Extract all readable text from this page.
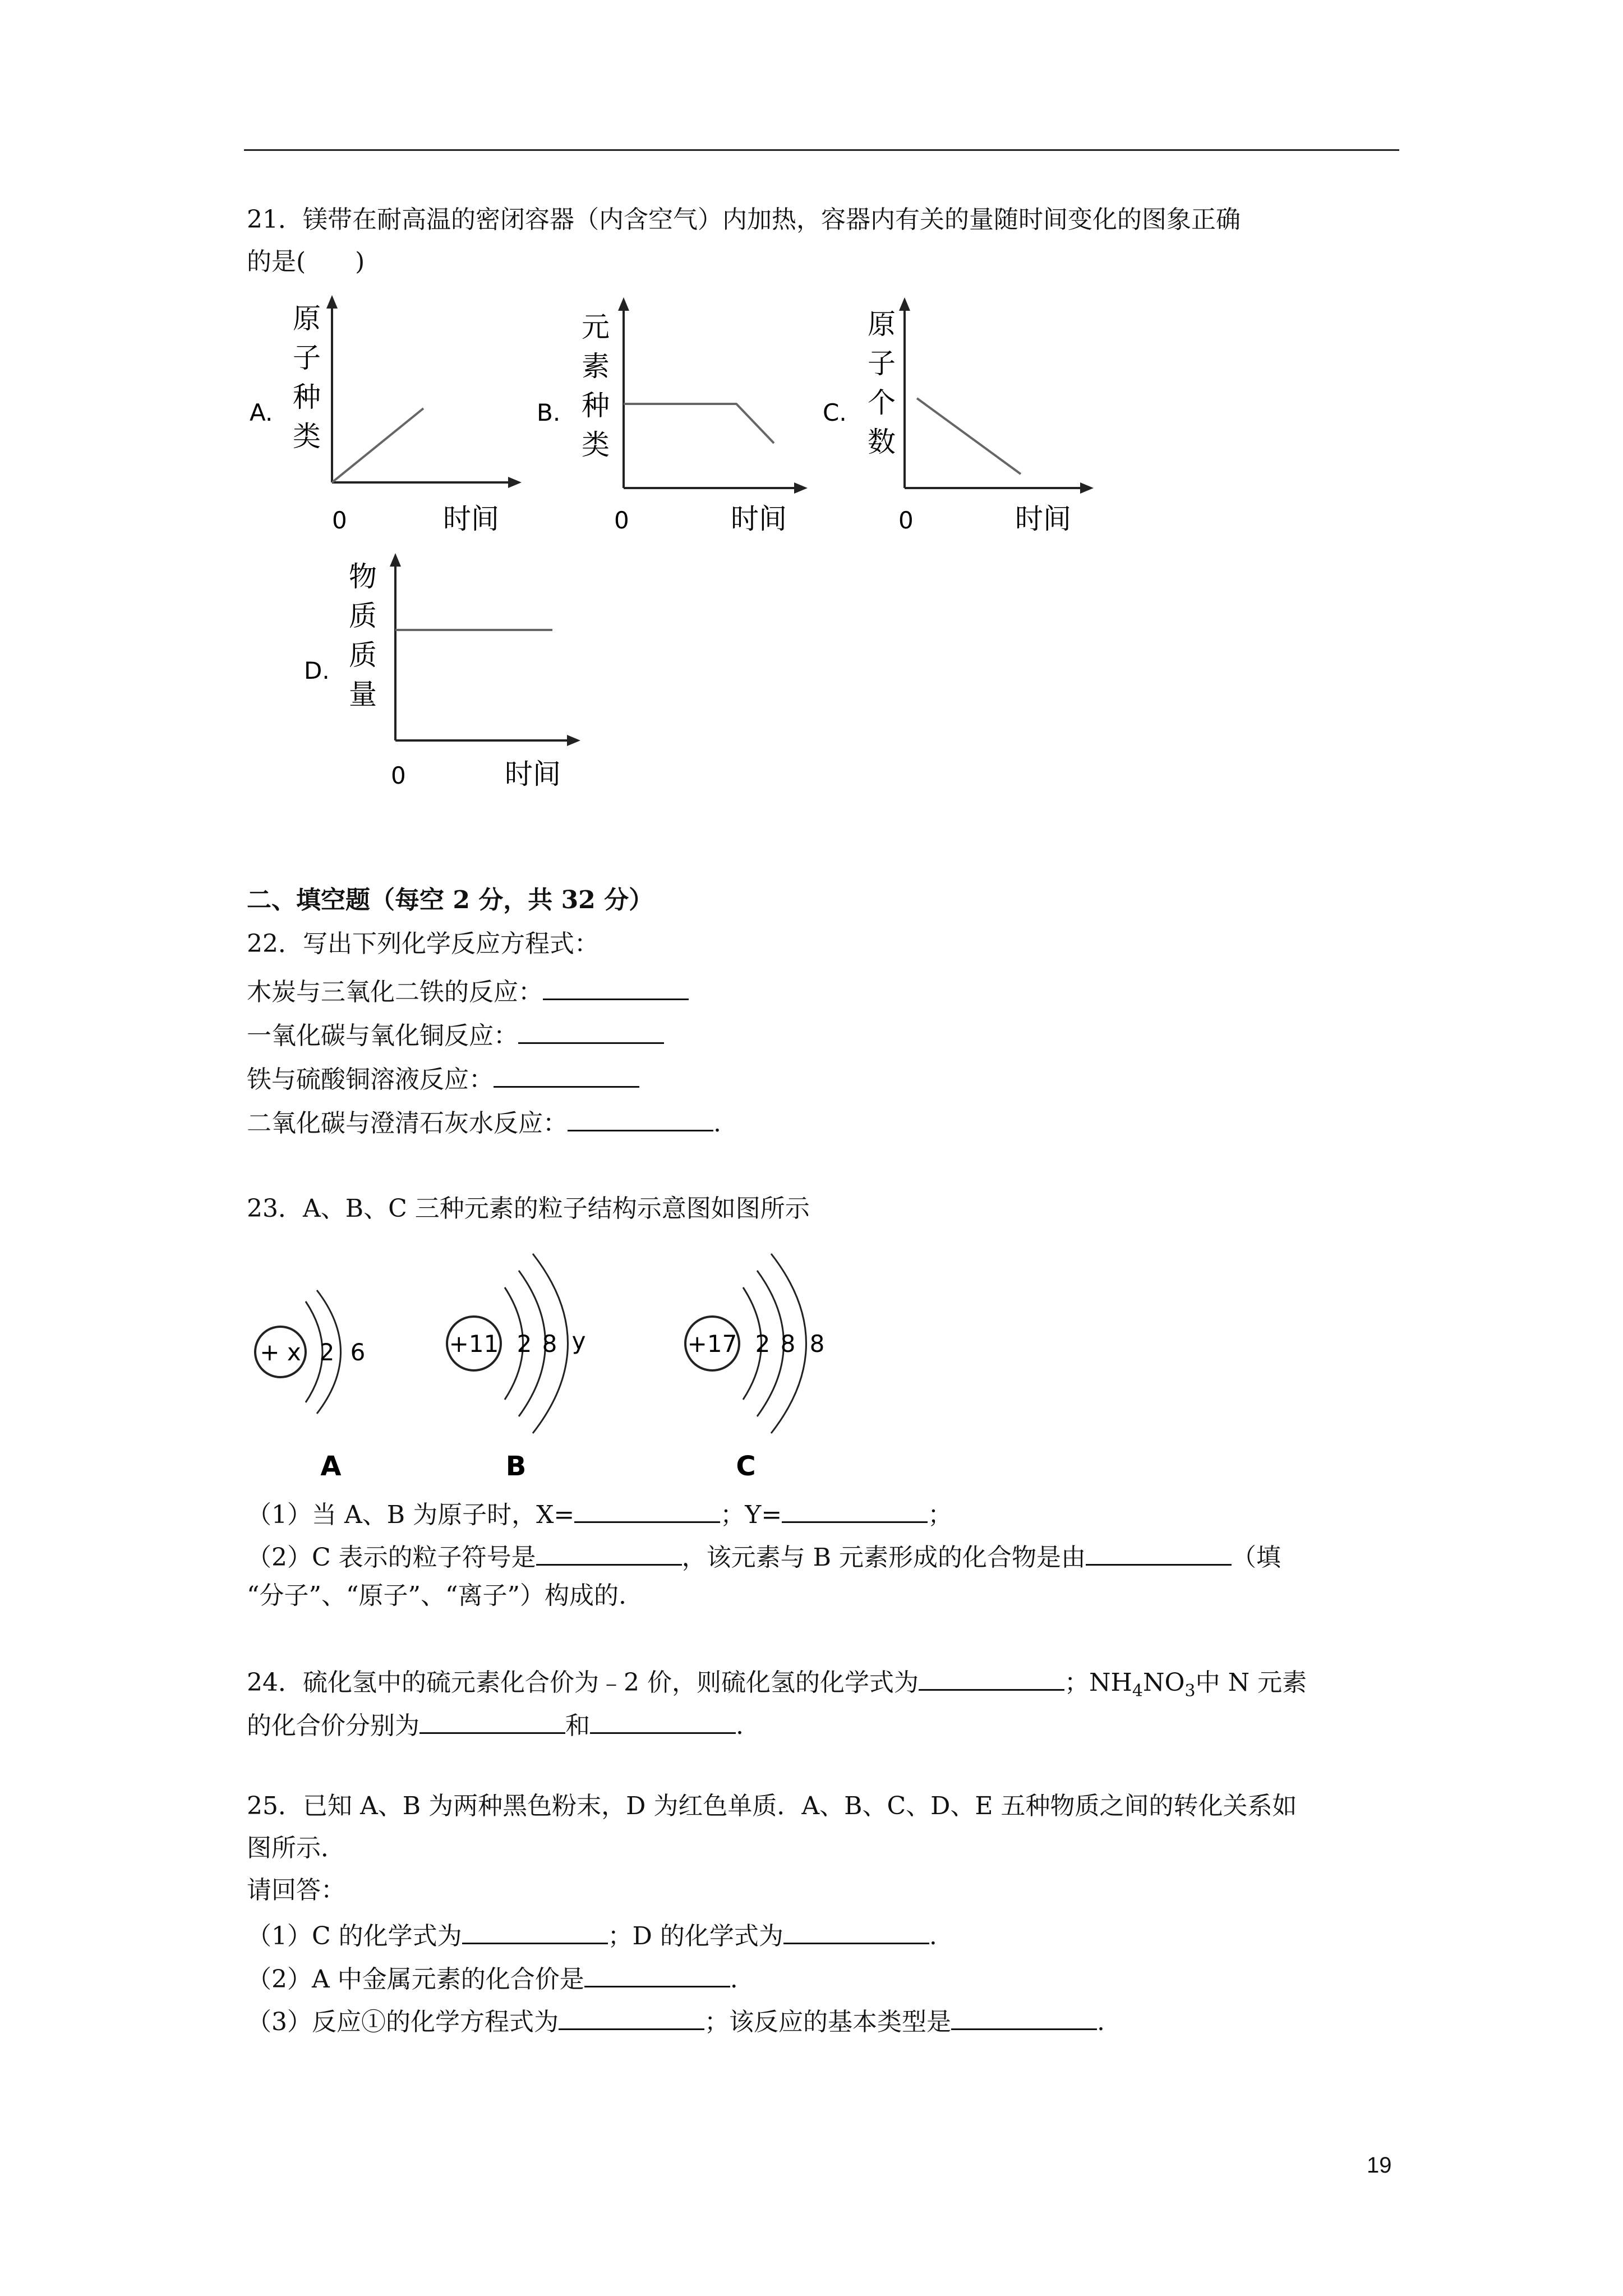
21．镁带在耐高温的密闭容器（内含空气）内加热，容器内有关的量随时间变化的图象正确
的是(　　)
A.
原
子
种
类
0	时间
B.
元
素
种
类
0	时间
C.
原
子
个
数
0	时间
D.
物
质
质
量
0	时间
二、填空题（每空 2 分，共 32 分）
22．写出下列化学反应方程式：
木炭与三氧化二铁的反应：
一氧化碳与氧化铜反应：
铁与硫酸铜溶液反应：
二氧化碳与澄清石灰水反应：	.
23．A、B、C 三种元素的粒子结构示意图如图所示
+ x 2 6
A
+11 2 8 y
B
+17 2 8 8
C
（1）当 A、B 为原子时，X=	；Y=	；
（2）C 表示的粒子符号是	，该元素与 B 元素形成的化合物是由	（填
“分子”、“原子”、“离子”）构成的.
24．硫化氢中的硫元素化合价为﹣2 价，则硫化氢的化学式为	；$NH_4NO_3$中 N 元素
的化合价分别为	和	.
25．已知 A、B 为两种黑色粉末，D 为红色单质．A、B、C、D、E 五种物质之间的转化关系如
图所示．
请回答：
（1）C 的化学式为	；D 的化学式为	.
（2）A 中金属元素的化合价是	.
（3）反应①的化学方程式为	；该反应的基本类型是	.
19
